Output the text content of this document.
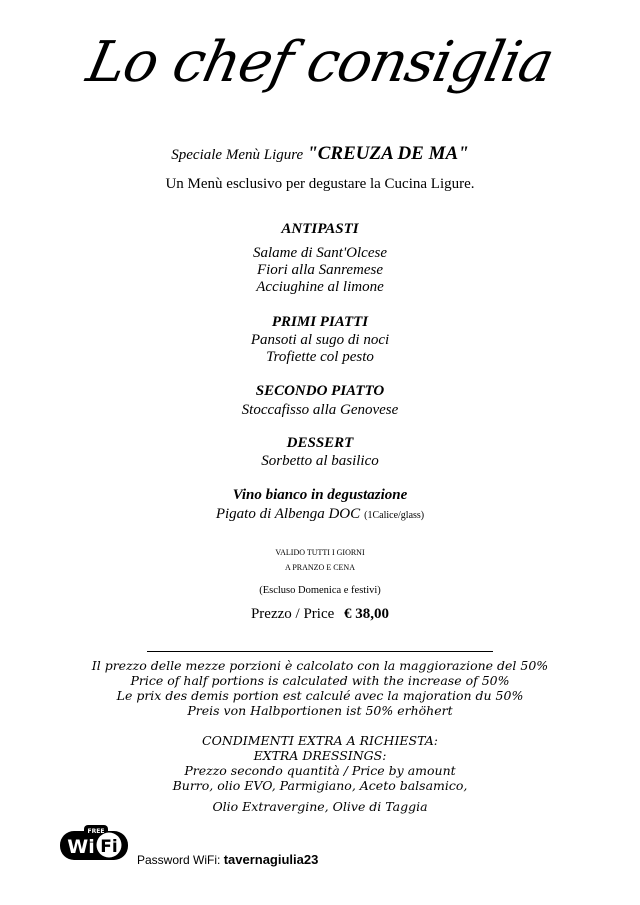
Lo chef consiglia
Speciale Menù Ligure "CREUZA DE MA"
Un Menù esclusivo per degustare la Cucina Ligure.
ANTIPASTI
Salame di Sant'Olcese
Fiori alla Sanremese
Acciughine al limone
PRIMI PIATTI
Pansoti al sugo di noci
Trofiette col pesto
SECONDO PIATTO
Stoccafisso alla Genovese
DESSERT
Sorbetto al basilico
Vino bianco in degustazione
Pigato di Albenga DOC (1Calice/glass)
VALIDO TUTTI I GIORNI
A PRANZO E CENA
(Escluso Domenica e festivi)
Prezzo / Price € 38,00
Il prezzo delle mezze porzioni è calcolato con la maggiorazione del 50%
Price of half portions is calculated with the increase of 50%
Le prix des demis portion est calculé avec la majoration du 50%
Preis von Halbportionen ist 50% erhöhert
CONDIMENTI EXTRA A RICHIESTA:
EXTRA DRESSINGS:
Prezzo secondo quantità / Price by amount
Burro, olio EVO, Parmigiano, Aceto balsamico,
Olio Extravergine, Olive di Taggia
FREE
Wi Fi
Password WiFi: tavernagiulia23
